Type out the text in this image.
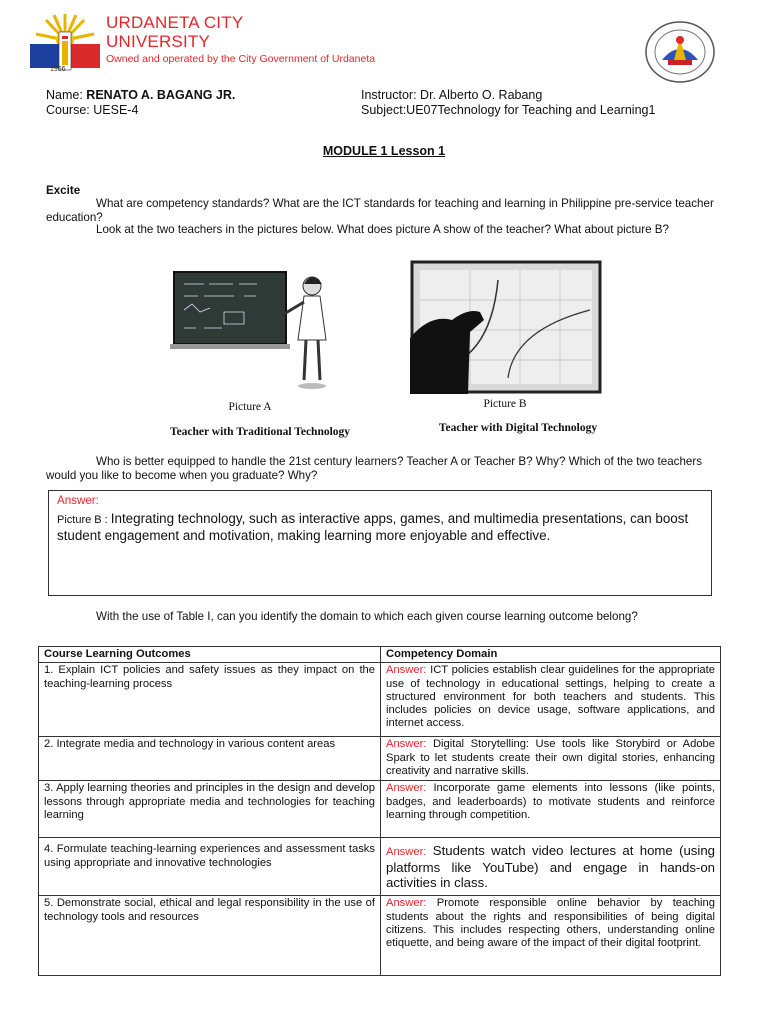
1966
URDANETA CITY
UNIVERSITY
Owned and operated by the City Government of Urdaneta
Name: RENATO A. BAGANG JR.
Course: UESE-4
Instructor: Dr. Alberto O. Rabang
Subject:UE07Technology for Teaching and Learning1
MODULE 1 Lesson 1
Excite
What are competency standards? What are the ICT standards for teaching and learning in Philippine pre-service teacher education?
Look at the two teachers in the pictures below. What does picture A show of the teacher? What about picture B?
Picture A
Teacher with Traditional Technology
Picture B
Teacher with Digital Technology
Who is better equipped to handle the 21st century learners? Teacher A or Teacher B? Why? Which of the two teachers would you like to become when you graduate? Why?
Answer:
Picture B : Integrating technology, such as interactive apps, games, and multimedia presentations, can boost student engagement and motivation, making learning more enjoyable and effective.
With the use of Table I, can you identify the domain to which each given course learning outcome belong?
Course Learning Outcomes	Competency Domain
1. Explain ICT policies and safety issues as they impact on the teaching-learning process	Answer: ICT policies establish clear guidelines for the appropriate use of technology in educational settings, helping to create a structured environment for both teachers and students. This includes policies on device usage, software applications, and internet access.
2. Integrate media and technology in various content areas	Answer: Digital Storytelling: Use tools like Storybird or Adobe Spark to let students create their own digital stories, enhancing creativity and narrative skills.
3. Apply learning theories and principles in the design and develop lessons through appropriate media and technologies for teaching learning	Answer: Incorporate game elements into lessons (like points, badges, and leaderboards) to motivate students and reinforce learning through competition.
4. Formulate teaching-learning experiences and assessment tasks using appropriate and innovative technologies	Answer: Students watch video lectures at home (using platforms like YouTube) and engage in hands-on activities in class.
5. Demonstrate social, ethical and legal responsibility in the use of technology tools and resources	Answer: Promote responsible online behavior by teaching students about the rights and responsibilities of being digital citizens. This includes respecting others, understanding online etiquette, and being aware of the impact of their digital footprint.
